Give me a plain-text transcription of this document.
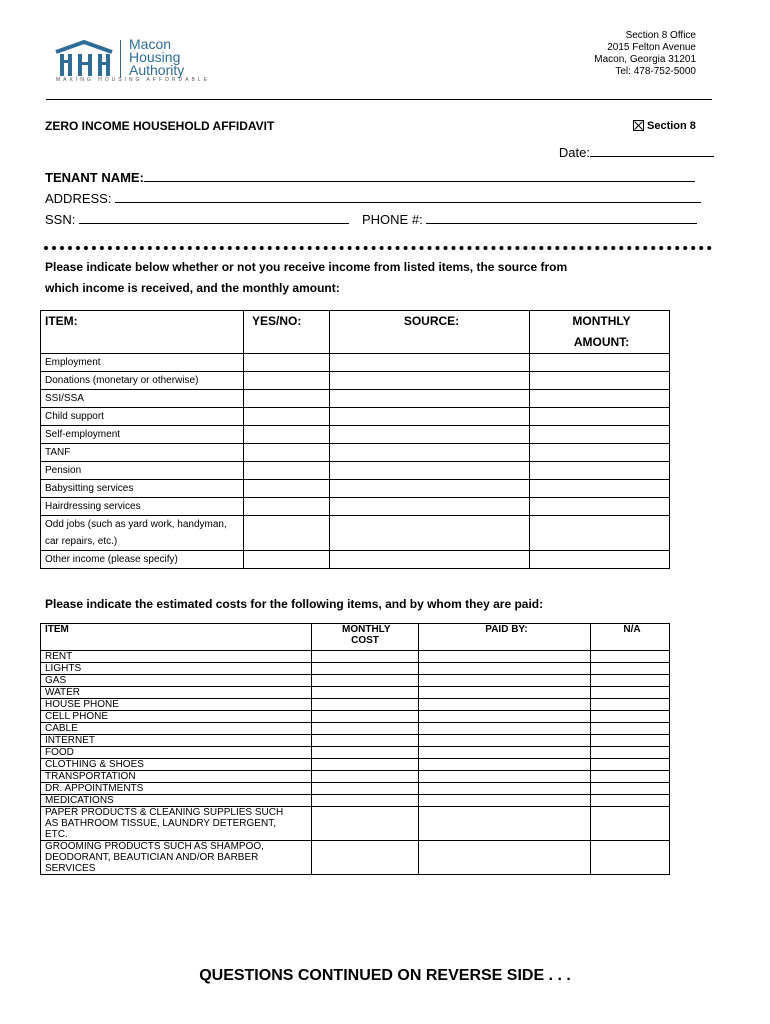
Macon
Housing
Authority
MAKING HOUSING AFFORDABLE
Section 8 Office
2015 Felton Avenue
Macon, Georgia 31201
Tel: 478-752-5000
ZERO INCOME HOUSEHOLD AFFIDAVIT	Section 8
Date:
TENANT NAME:
ADDRESS:
SSN:	PHONE #:
Please indicate below whether or not you receive income from listed items, the source from
which income is received, and the monthly amount:
ITEM:	YES/NO:	SOURCE:	MONTHLY
AMOUNT:

Employment			
Donations (monetary or otherwise)			
SSI/SSA			
Child support			
Self-employment			
TANF			
Pension			
Babysitting services			
Hairdressing services			
Odd jobs (such as yard work, handyman, car repairs, etc.)			
Other income (please specify)			
Please indicate the estimated costs for the following items, and by whom they are paid:
ITEM	MONTHLY COST	PAID BY:	N/A
RENT			
LIGHTS			
GAS			
WATER			
HOUSE PHONE			
CELL PHONE			
CABLE			
INTERNET			
FOOD			
CLOTHING & SHOES			
TRANSPORTATION			
DR. APPOINTMENTS			
MEDICATIONS			
PAPER PRODUCTS & CLEANING SUPPLIES SUCH AS BATHROOM TISSUE, LAUNDRY DETERGENT, ETC.			
GROOMING PRODUCTS SUCH AS SHAMPOO, DEODORANT, BEAUTICIAN AND/OR BARBER SERVICES			
QUESTIONS CONTINUED ON REVERSE SIDE . . .
